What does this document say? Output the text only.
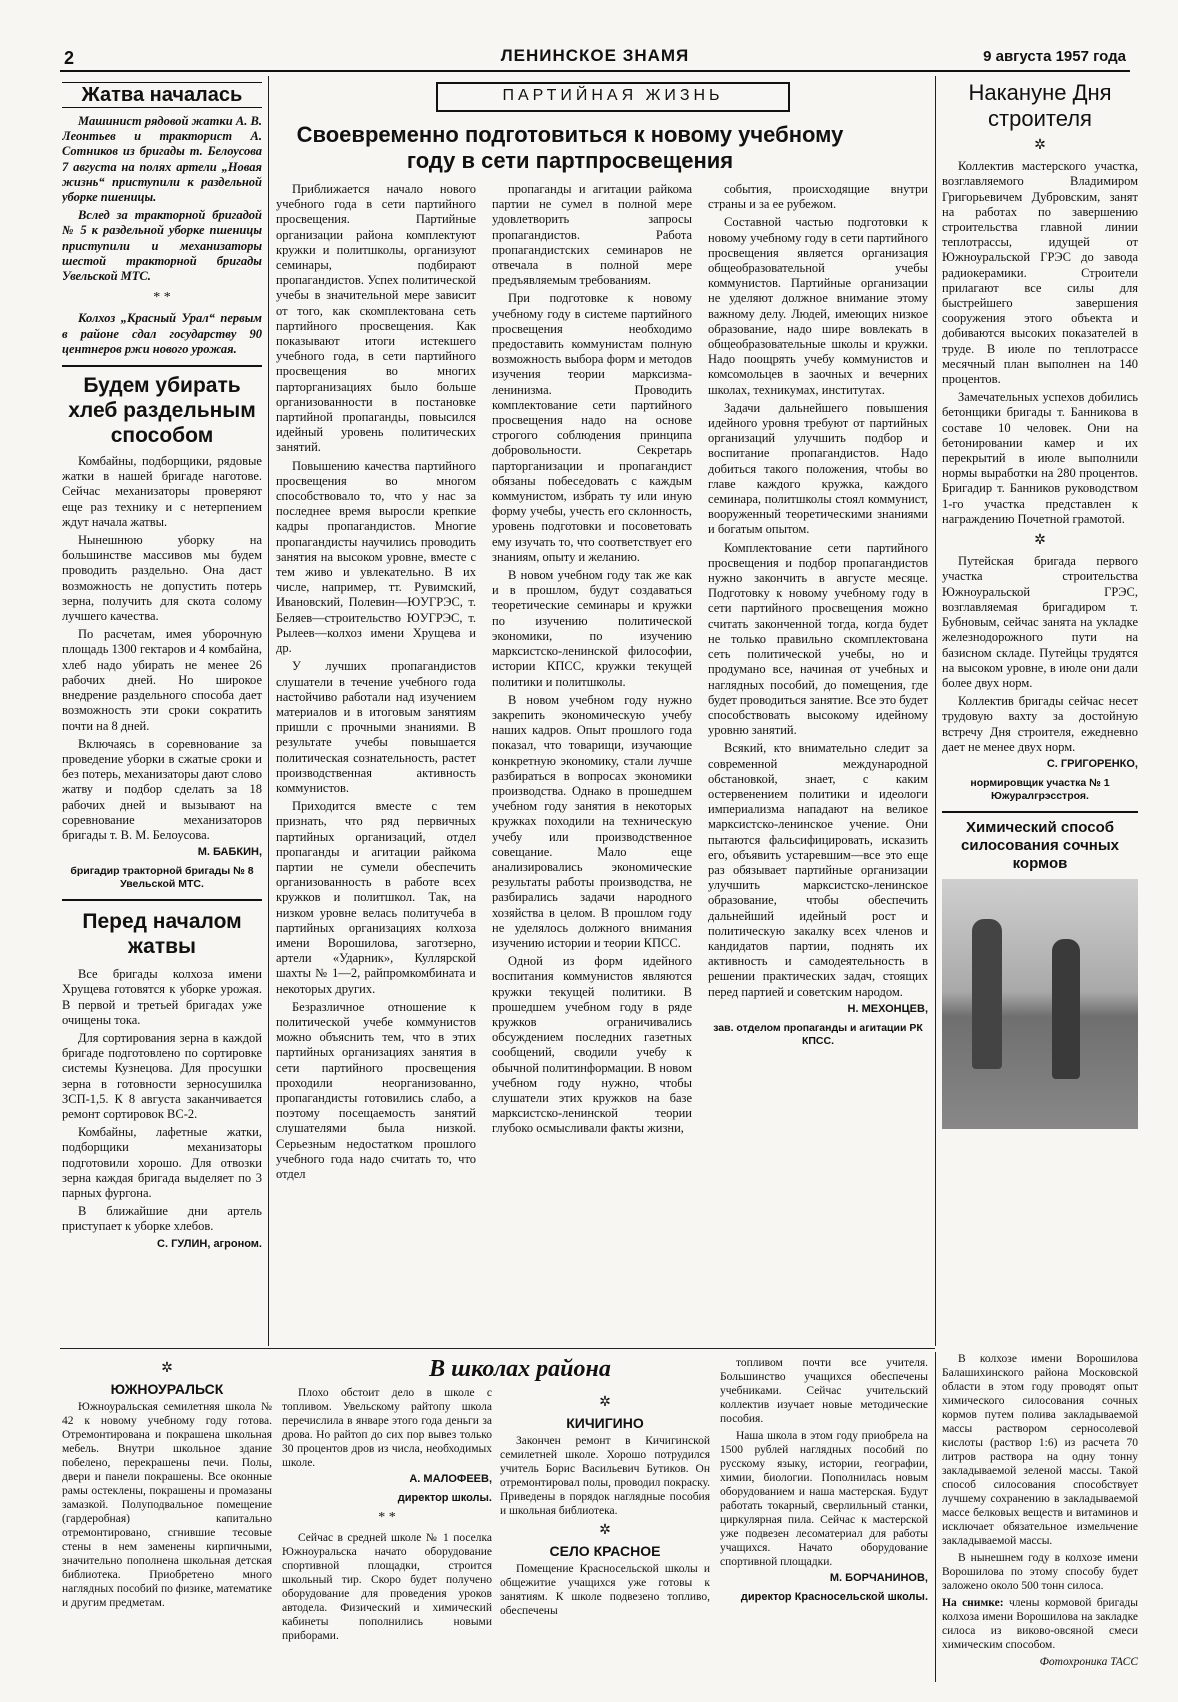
2	ЛЕНИНСКОЕ ЗНАМЯ	9 августа 1957 года
Жатва началась

Машинист рядовой жатки А. В. Леонтьев и тракторист А. Сотников из бригады т. Белоусова 7 августа на полях артели „Новая жизнь“ приступили к раздельной уборке пшеницы.

Вслед за тракторной бригадой № 5 к раздельной уборке пшеницы приступили и механизаторы шестой тракторной бригады Увельской МТС.

* *

Колхоз „Красный Урал“ первым в районе сдал государству 90 центнеров ржи нового урожая.

Будем убирать хлеб раздельным способом

Комбайны, подборщики, рядовые жатки в нашей бригаде наготове. Сейчас механизаторы проверяют еще раз технику и с нетерпением ждут начала жатвы.

Нынешнюю уборку на большинстве массивов мы будем проводить раздельно. Она даст возможность не допустить потерь зерна, получить для скота солому лучшего качества.

По расчетам, имея уборочную площадь 1300 гектаров и 4 комбайна, хлеб надо убирать не менее 26 рабочих дней. Но широкое внедрение раздельного способа дает возможность эти сроки сократить почти на 8 дней.

Включаясь в соревнование за проведение уборки в сжатые сроки и без потерь, механизаторы дают слово жатву и подбор сделать за 18 рабочих дней и вызывают на соревнование механизаторов бригады т. В. М. Белоусова.

М. БАБКИН,
бригадир тракторной бригады № 8 Увельской МТС.
Перед началом жатвы

Все бригады колхоза имени Хрущева готовятся к уборке урожая. В первой и третьей бригадах уже очищены тока.

Для сортирования зерна в каждой бригаде подготовлено по сортировке системы Кузнецова. Для просушки зерна в готовности зерносушилка ЗСП-1,5. К 8 августа заканчивается ремонт сортировок ВС-2.

Комбайны, лафетные жатки, подборщики механизаторы подготовили хорошо. Для отвозки зерна каждая бригада выделяет по 3 парных фургона.

В ближайшие дни артель приступает к уборке хлебов.

С. ГУЛИН, агроном.
ПАРТИЙНАЯ ЖИЗНЬ
Своевременно подготовиться к новому учебному году в сети партпросвещения

Приближается начало нового учебного года в сети партийного просвещения. Партийные организации района комплектуют кружки и политшколы, организуют семинары, подбирают пропагандистов. Успех политической учебы в значительной мере зависит от того, как скомплектована сеть партийного просвещения. Как показывают итоги истекшего учебного года, в сети партийного просвещения во многих парторганизациях было больше организованности в постановке партийной пропаганды, повысился идейный уровень политических занятий.

Повышению качества партийного просвещения во многом способствовало то, что у нас за последнее время выросли крепкие кадры пропагандистов. Многие пропагандисты научились проводить занятия на высоком уровне, вместе с тем живо и увлекательно. В их числе, например, тт. Рувимский, Ивановский, Полевин—ЮУГРЭС, т. Беляев—строительство ЮУГРЭС, т. Рылеев—колхоз имени Хрущева и др.

У лучших пропагандистов слушатели в течение учебного года настойчиво работали над изучением материалов и в итоговым занятиям пришли с прочными знаниями. В результате учебы повышается политическая сознательность, растет производственная активность коммунистов.

Приходится вместе с тем признать, что ряд первичных партийных организаций, отдел пропаганды и агитации райкома партии не сумели обеспечить организованность в работе всех кружков и политшкол. Так, на низком уровне велась политучеба в партийных организациях колхоза имени Ворошилова, заготзерно, артели «Ударник», Куллярской шахты № 1—2, райпромкомбината и некоторых других.

Безразличное отношение к политической учебе коммунистов можно объяснить тем, что в этих партийных организациях занятия в сети партийного просвещения проходили неорганизованно, пропагандисты готовились слабо, а поэтому посещаемость занятий слушателями была низкой. Серьезным недостатком прошлого учебного года надо считать то, что отдел

пропаганды и агитации райкома партии не сумел в полной мере удовлетворить запросы пропагандистов. Работа пропагандистских семинаров не отвечала в полной мере предъявляемым требованиям.

При подготовке к новому учебному году в системе партийного просвещения необходимо предоставить коммунистам полную возможность выбора форм и методов изучения теории марксизма-ленинизма. Проводить комплектование сети партийного просвещения надо на основе строгого соблюдения принципа добровольности. Секретарь парторганизации и пропагандист обязаны побеседовать с каждым коммунистом, избрать ту или иную форму учебы, учесть его склонность, уровень подготовки и посоветовать ему изучать то, что соответствует его знаниям, опыту и желанию.

В новом учебном году так же как и в прошлом, будут создаваться теоретические семинары и кружки по изучению политической экономики, по изучению марксистско-ленинской философии, истории КПСС, кружки текущей политики и политшколы.

В новом учебном году нужно закрепить экономическую учебу наших кадров. Опыт прошлого года показал, что товарищи, изучающие конкретную экономику, стали лучше разбираться в вопросах экономики производства. Однако в прошедшем учебном году занятия в некоторых кружках походили на техническую учебу или производственное совещание. Мало еще анализировались экономические результаты работы производства, не разбирались задачи народного хозяйства в целом. В прошлом году не уделялось должного внимания изучению истории и теории КПСС.

Одной из форм идейного воспитания коммунистов являются кружки текущей политики. В прошедшем учебном году в ряде кружков ограничивались обсуждением последних газетных сообщений, сводили учебу к обычной политинформации. В новом учебном году нужно, чтобы слушатели этих кружков на базе марксистско-ленинской теории глубоко осмысливали факты жизни,

события, происходящие внутри страны и за ее рубежом.

Составной частью подготовки к новому учебному году в сети партийного просвещения является организация общеобразовательной учебы коммунистов. Партийные организации не уделяют должное внимание этому важному делу. Людей, имеющих низкое образование, надо шире вовлекать в общеобразовательные школы и кружки. Надо поощрять учебу коммунистов и комсомольцев в заочных и вечерних школах, техникумах, институтах.

Задачи дальнейшего повышения идейного уровня требуют от партийных организаций улучшить подбор и воспитание пропагандистов. Надо добиться такого положения, чтобы во главе каждого кружка, каждого семинара, политшколы стоял коммунист, вооруженный теоретическими знаниями и богатым опытом.

Комплектование сети партийного просвещения и подбор пропагандистов нужно закончить в августе месяце. Подготовку к новому учебному году в сети партийного просвещения можно считать законченной тогда, когда будет не только правильно скомплектована сеть политической учебы, но и продумано все, начиная от учебных и наглядных пособий, до помещения, где будет проводиться занятие. Все это будет способствовать высокому идейному уровню занятий.

Всякий, кто внимательно следит за современной международной обстановкой, знает, с каким остервенением политики и идеологи империализма нападают на великое марксистско-ленинское учение. Они пытаются фальсифицировать, исказить его, объявить устаревшим—все это еще раз обязывает партийные организации улучшить марксистско-ленинское образование, чтобы обеспечить дальнейший идейный рост и политическую закалку всех членов и кандидатов партии, поднять их активность и самодеятельность в решении практических задач, стоящих перед партией и советским народом.

Н. МЕХОНЦЕВ,
зав. отделом пропаганды и агитации РК КПСС.
Накануне Дня строителя
✲

Коллектив мастерского участка, возглавляемого Владимиром Григорьевичем Дубровским, занят на работах по завершению строительства главной линии теплотрассы, идущей от Южноуральской ГРЭС до завода радиокерамики. Строители прилагают все силы для быстрейшего завершения сооружения этого объекта и добиваются высоких показателей в труде. В июле по теплотрассе месячный план выполнен на 140 процентов.

Замечательных успехов добились бетонщики бригады т. Банникова в составе 10 человек. Они на бетонировании камер и их перекрытий в июле выполнили нормы выработки на 280 процентов. Бригадир т. Банников руководством 1-го участка представлен к награждению Почетной грамотой.

✲

Путейская бригада первого участка строительства Южноуральской ГРЭС, возглавляемая бригадиром т. Бубновым, сейчас занята на укладке железнодорожного пути на базисном складе. Путейцы трудятся на высоком уровне, в июле они дали более двух норм.

Коллектив бригады сейчас несет трудовую вахту за достойную встречу Дня строителя, ежедневно дает не менее двух норм.

С. ГРИГОРЕНКО,
нормировщик участка № 1 Южуралгрэсстроя.
Химический способ силосования сочных кормов
В школах района
✲
ЮЖНОУРАЛЬСК

Южноуральская семилетняя школа № 42 к новому учебному году готова. Отремонтирована и покрашена школьная мебель. Внутри школьное здание побелено, перекрашены печи. Полы, двери и панели покрашены. Все оконные рамы остеклены, покрашены и промазаны замазкой. Полуподвальное помещение (гардеробная) капитально отремонтировано, сгнившие тесовые стены в нем заменены кирпичными, значительно пополнена школьная детская библиотека. Приобретено много наглядных пособий по физике, математике и другим предметам.

Плохо обстоит дело в школе с топливом. Увельскому райтопу школа перечислила в январе этого года деньги за дрова. Но райтоп до сих пор вывез только 30 процентов дров из числа, необходимых школе.

А. МАЛОФЕЕВ,
директор школы.
* *

Сейчас в средней школе № 1 поселка Южноуральска начато оборудование спортивной площадки, строится школьный тир. Скоро будет получено оборудование для проведения уроков автодела. Физический и химический кабинеты пополнились новыми приборами.

✲
КИЧИГИНО

Закончен ремонт в Кичигинской семилетней школе. Хорошо потрудился учитель Борис Васильевич Бутиков. Он отремонтировал полы, проводил покраску. Приведены в порядок наглядные пособия и школьная библиотека.

✲
СЕЛО КРАСНОЕ

Помещение Красносельской школы и общежитие учащихся уже готовы к занятиям. К школе подвезено топливо, обеспечены

топливом почти все учителя. Большинство учащихся обеспечены учебниками. Сейчас учительский коллектив изучает новые методические пособия.

Наша школа в этом году приобрела на 1500 рублей наглядных пособий по русскому языку, истории, географии, химии, биологии. Пополнилась новым оборудованием и наша мастерская. Будут работать токарный, сверлильный станки, циркулярная пила. Сейчас к мастерской уже подвезен лесоматериал для работы учащихся. Начато оборудование спортивной площадки.

М. БОРЧАНИНОВ,
директор Красносельской школы.

В колхозе имени Ворошилова Балашихинского района Московской области в этом году проводят опыт химического силосования сочных кормов путем полива закладываемой массы раствором серносолевой кислоты (раствор 1:6) из расчета 70 литров раствора на одну тонну закладываемой зеленой массы. Такой способ силосования способствует лучшему сохранению в закладываемой массе белковых веществ и витаминов и исключает обязательное измельчение закладываемой массы.

В нынешнем году в колхозе имени Ворошилова по этому способу будет заложено около 500 тонн силоса.

На снимке: члены кормовой бригады колхоза имени Ворошилова на закладке силоса из виково-овсяной смеси химическим способом.

Фотохроника ТАСС
